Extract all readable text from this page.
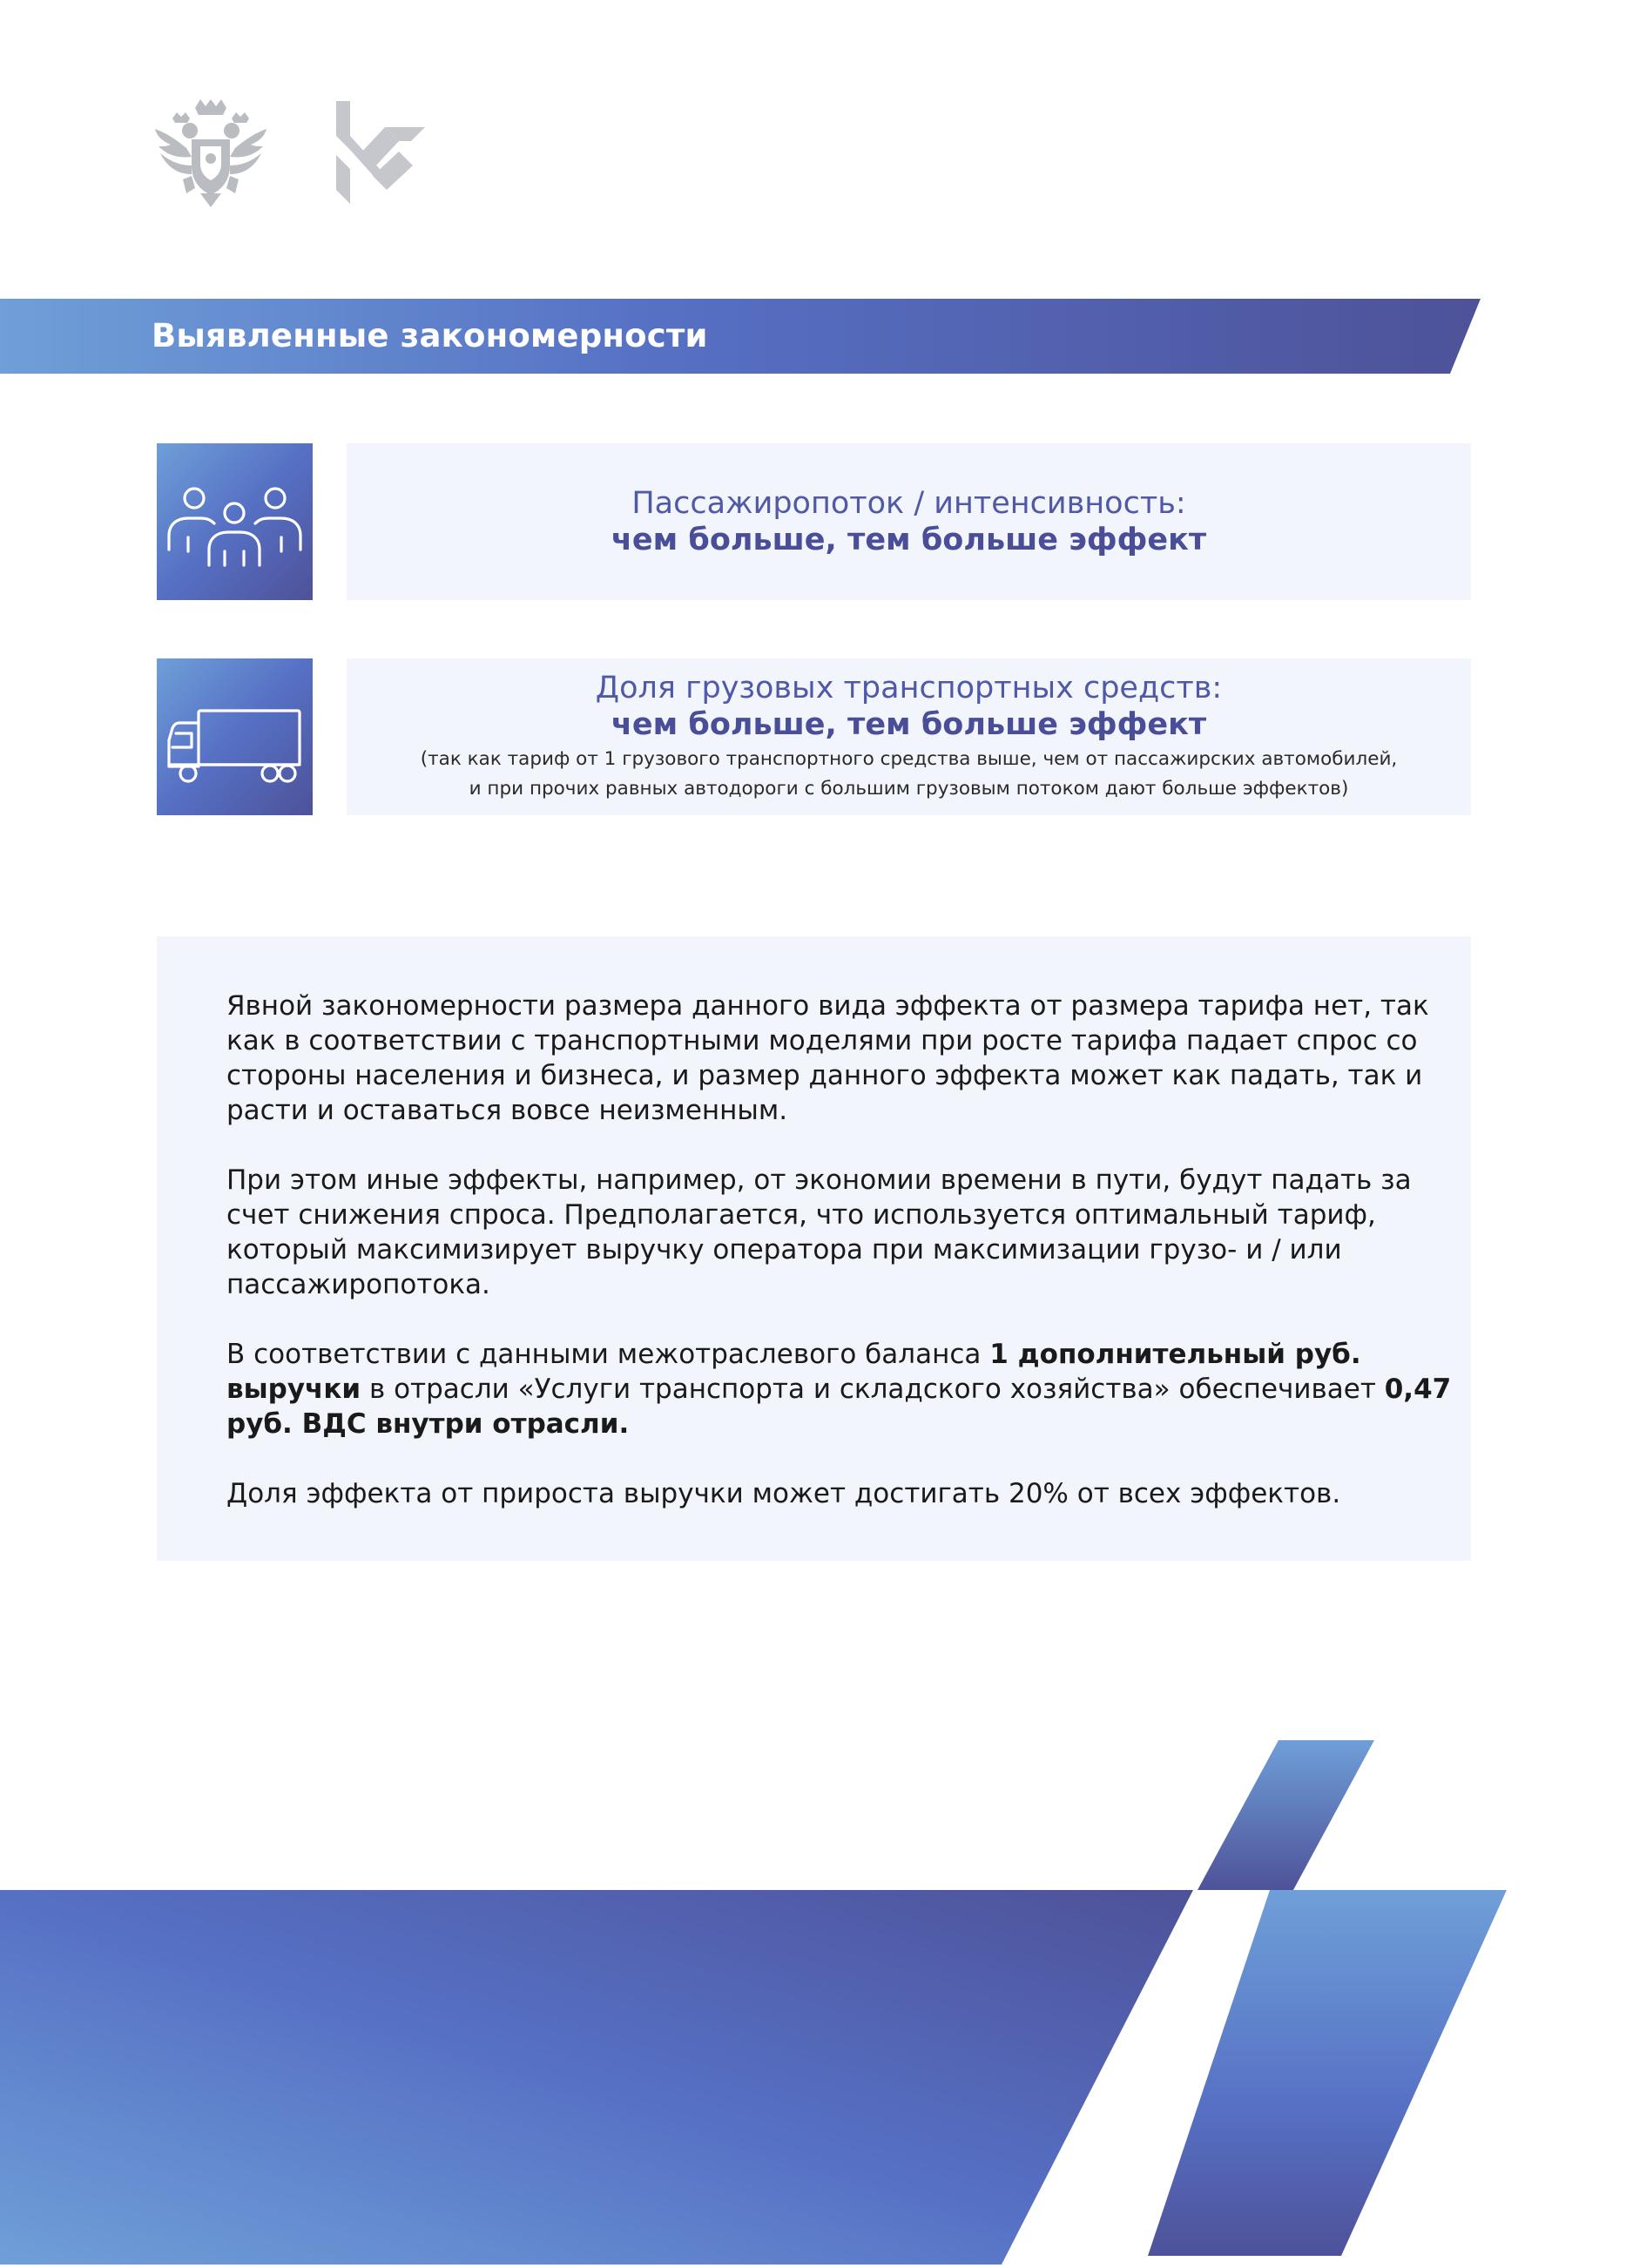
Выявленные закономерности
Пассажиропоток / интенсивность:
чем больше, тем больше эффект
Доля грузовых транспортных средств:
чем больше, тем больше эффект
(так как тариф от 1 грузового транспортного средства выше, чем от пассажирских автомобилей,
и при прочих равных автодороги с большим грузовым потоком дают больше эффектов)

Явной закономерности размера данного вида эффекта от размера тарифа нет, так как в соответствии с транспортными моделями при росте тарифа падает спрос со стороны населения и бизнеса, и размер данного эффекта может как падать, так и расти и оставаться вовсе неизменным.

При этом иные эффекты, например, от экономии времени в пути, будут падать за счет снижения спроса. Предполагается, что используется оптимальный тариф, который максимизирует выручку оператора при максимизации грузо- и / или пассажиропотока.

В соответствии с данными межотраслевого баланса 1 дополнительный руб. выручки в отрасли «Услуги транспорта и складского хозяйства» обеспечивает 0,47 руб. ВДС внутри отрасли.

Доля эффекта от прироста выручки может достигать 20% от всех эффектов.
